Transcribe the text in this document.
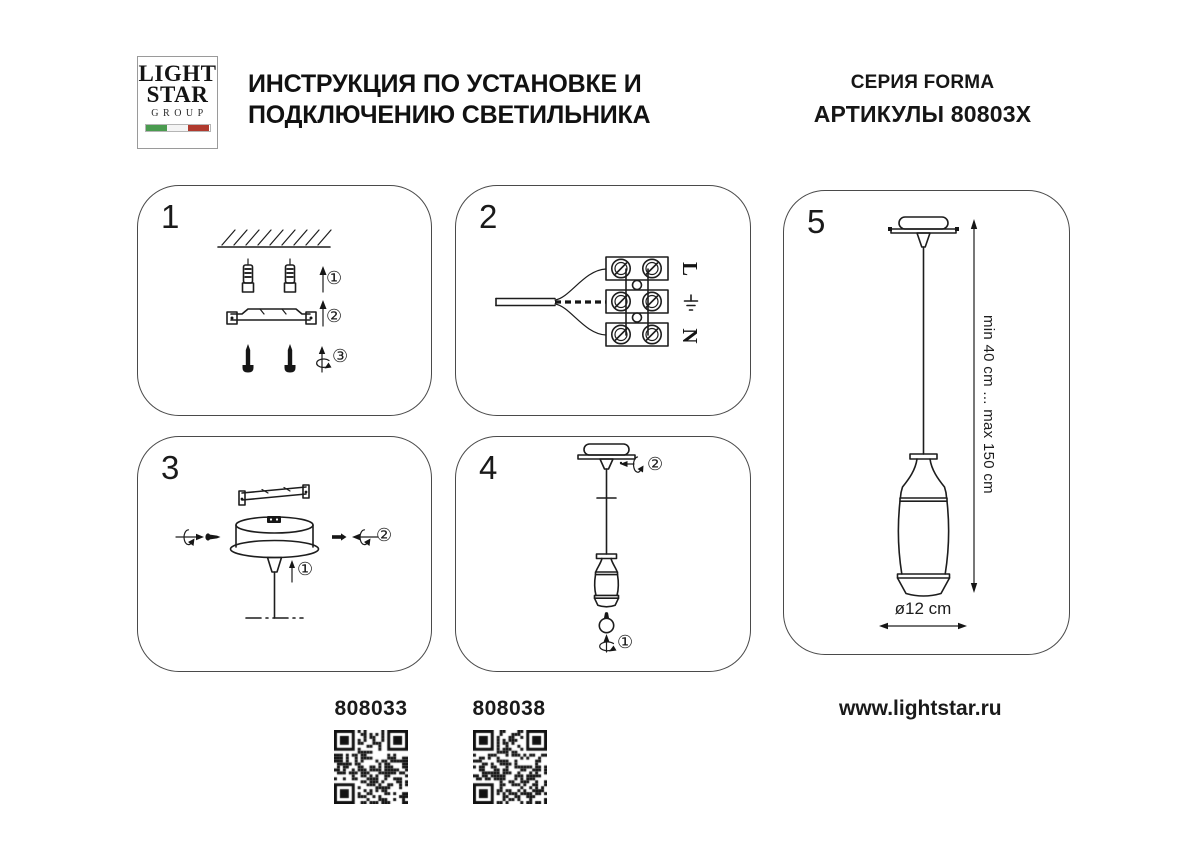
LIGHT
STAR
GROUP
ИНСТРУКЦИЯ ПО УСТАНОВКЕ И
ПОДКЛЮЧЕНИЮ СВЕТИЛЬНИКА
СЕРИЯ FORMA
АРТИКУЛЫ 80803X
1
①
②
③
2
L
N
3
①
②
4
①
②
5
min 40 cm ... max 150 cm
ø12 cm
808033	808038	www.lightstar.ru
